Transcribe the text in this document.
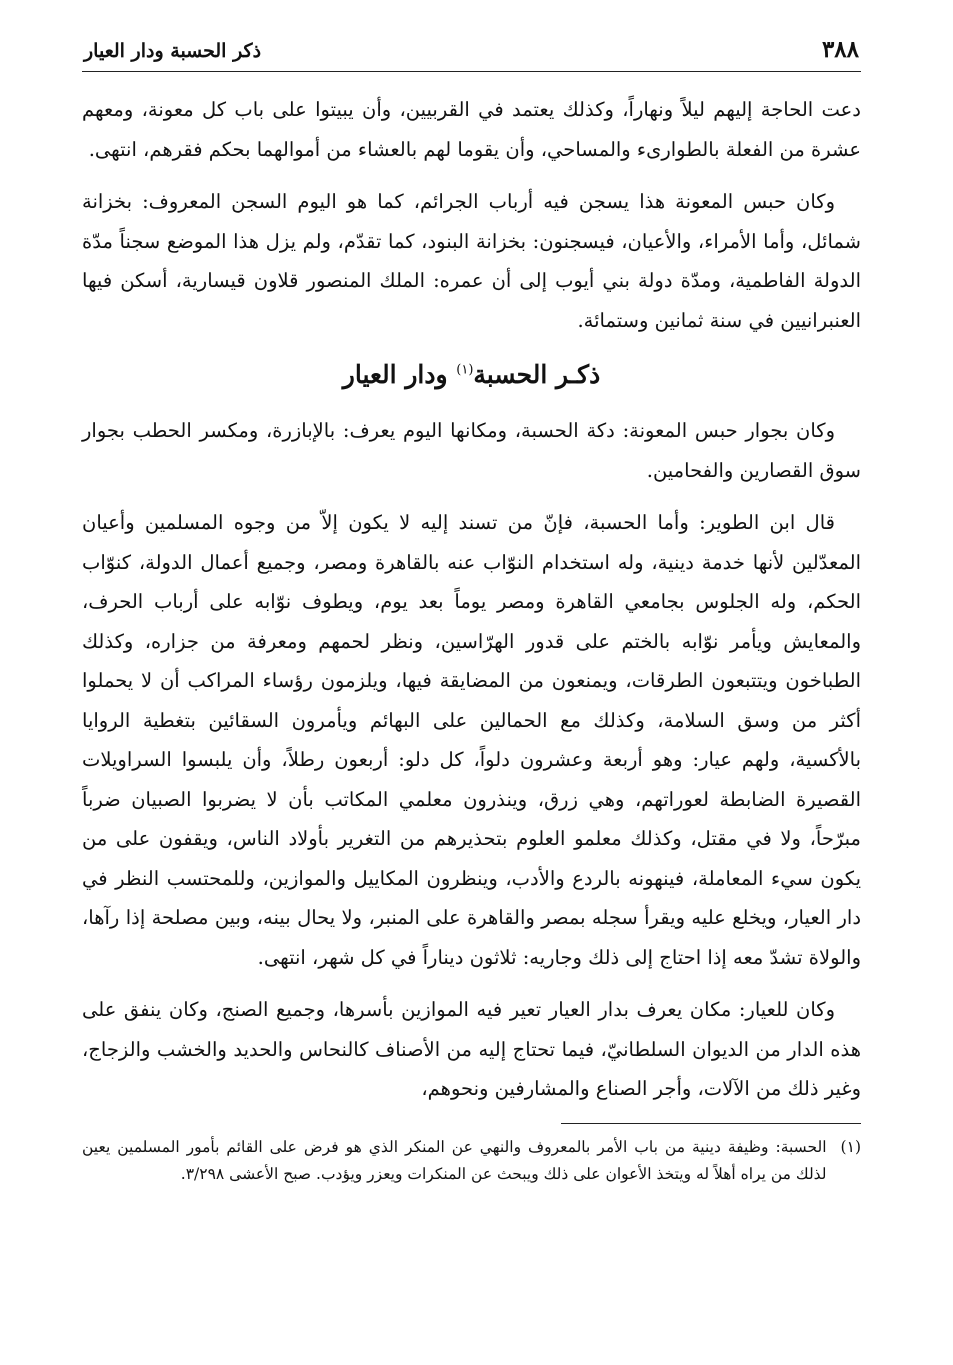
٣٨٨
ذكر الحسبة ودار العيار

دعت الحاجة إليهم ليلاً ونهاراً، وكذلك يعتمد في القربيين، وأن يبيتوا على باب كل معونة، ومعهم عشرة من الفعلة بالطوارىء والمساحي، وأن يقوما لهم بالعشاء من أموالهما بحكم فقرهم، انتهى.

وكان حبس المعونة هذا يسجن فيه أرباب الجرائم، كما هو اليوم السجن المعروف: بخزانة شمائل، وأما الأمراء، والأعيان، فيسجنون: بخزانة البنود، كما تقدّم، ولم يزل هذا الموضع سجناً مدّة الدولة الفاطمية، ومدّة دولة بني أيوب إلى أن عمره: الملك المنصور قلاون قيسارية، أسكن فيها العنبرانيين في سنة ثمانين وستمائة.

ذكـر الحسبة$^{(١)}$ ودار العيار

وكان بجوار حبس المعونة: دكة الحسبة، ومكانها اليوم يعرف: بالإبازرة، ومكسر الحطب بجوار سوق القصارين والفحامين.

قال ابن الطوير: وأما الحسبة، فإنّ من تسند إليه لا يكون إلاّ من وجوه المسلمين وأعيان المعدّلين لأنها خدمة دينية، وله استخدام النوّاب عنه بالقاهرة ومصر، وجميع أعمال الدولة، كنوّاب الحكم، وله الجلوس بجامعي القاهرة ومصر يوماً بعد يوم، ويطوف نوّابه على أرباب الحرف، والمعايش ويأمر نوّابه بالختم على قدور الهرّاسين، ونظر لحمهم ومعرفة من جزاره، وكذلك الطباخون ويتتبعون الطرقات، ويمنعون من المضايقة فيها، ويلزمون رؤساء المراكب أن لا يحملوا أكثر من وسق السلامة، وكذلك مع الحمالين على البهائم ويأمرون السقائين بتغطية الروايا بالأكسية، ولهم عيار: وهو أربعة وعشرون دلواً، كل دلو: أربعون رطلاً، وأن يلبسوا السراويلات القصيرة الضابطة لعوراتهم، وهي زرق، وينذرون معلمي المكاتب بأن لا يضربوا الصبيان ضرباً مبرّحاً، ولا في مقتل، وكذلك معلمو العلوم بتحذيرهم من التغرير بأولاد الناس، ويقفون على من يكون سيء المعاملة، فينهونه بالردع والأدب، وينظرون المكاييل والموازين، وللمحتسب النظر في دار العيار، ويخلع عليه ويقرأ سجله بمصر والقاهرة على المنبر، ولا يحال بينه، وبين مصلحة إذا رآها، والولاة تشدّ معه إذا احتاج إلى ذلك وجاريه: ثلاثون ديناراً في كل شهر، انتهى.

وكان للعيار: مكان يعرف بدار العيار تعير فيه الموازين بأسرها، وجميع الصنج، وكان ينفق على هذه الدار من الديوان السلطانيّ، فيما تحتاج إليه من الأصناف كالنحاس والحديد والخشب والزجاج، وغير ذلك من الآلات، وأجر الصناع والمشارفين ونحوهم،

(١)
الحسبة: وظيفة دينية من باب الأمر بالمعروف والنهي عن المنكر الذي هو فرض على القائم بأمور المسلمين يعين لذلك من يراه أهلاً له ويتخذ الأعوان على ذلك ويبحث عن المنكرات ويعزر ويؤدب. صبح الأعشى ٣/٢٩٨.
